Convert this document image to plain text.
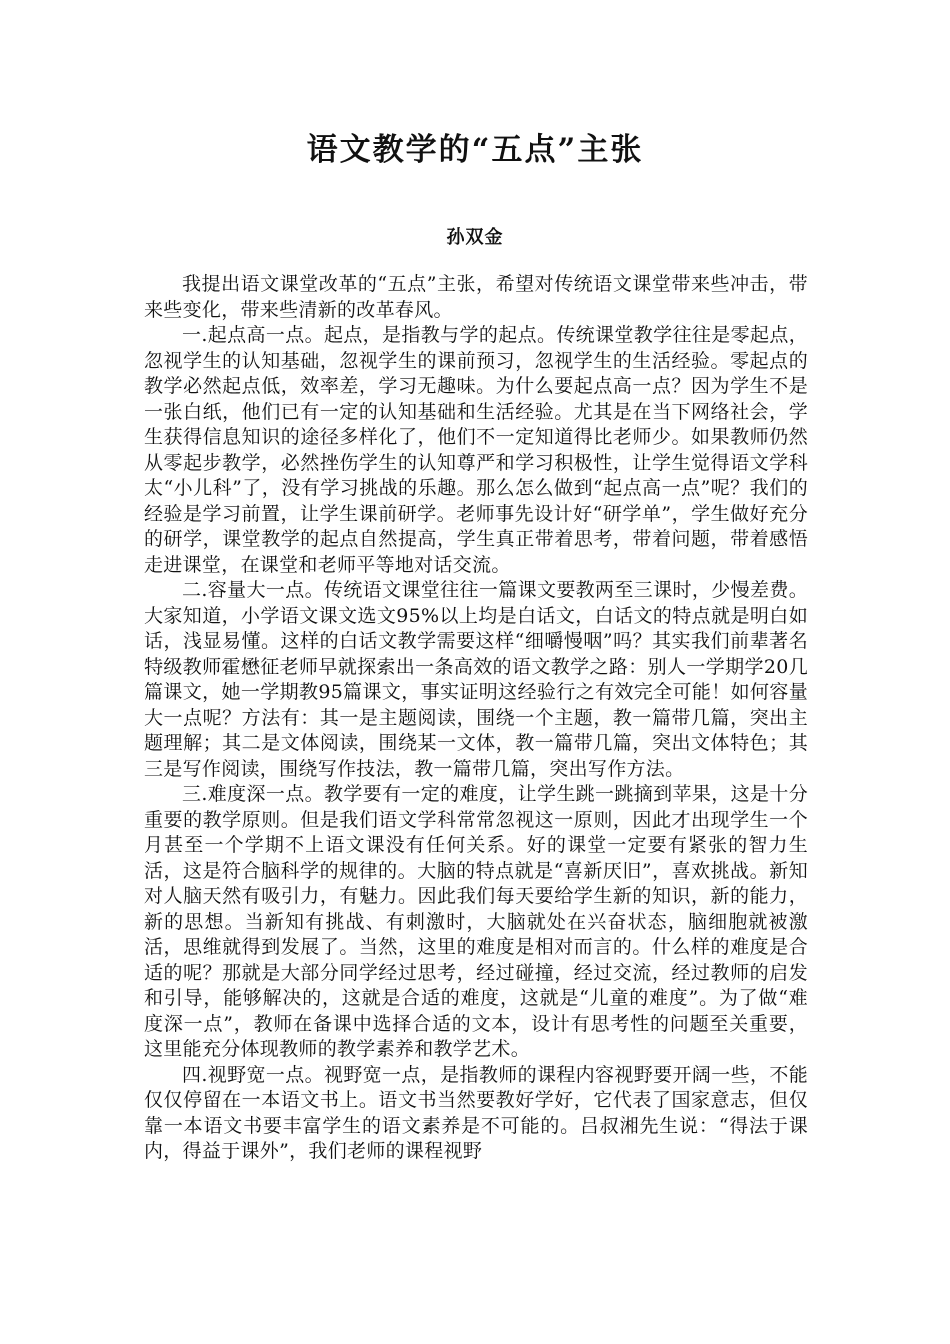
语文教学的“五点”主张
孙双金

我提出语文课堂改革的“五点”主张，希望对传统语文课堂带来些冲击，带来些变化，带来些清新的改革春风。

一.起点高一点。起点，是指教与学的起点。传统课堂教学往往是零起点，忽视学生的认知基础，忽视学生的课前预习，忽视学生的生活经验。零起点的教学必然起点低，效率差，学习无趣味。为什么要起点高一点？因为学生不是一张白纸，他们已有一定的认知基础和生活经验。尤其是在当下网络社会，学生获得信息知识的途径多样化了，他们不一定知道得比老师少。如果教师仍然从零起步教学，必然挫伤学生的认知尊严和学习积极性，让学生觉得语文学科太“小儿科”了，没有学习挑战的乐趣。那么怎么做到“起点高一点”呢？我们的经验是学习前置，让学生课前研学。老师事先设计好“研学单”，学生做好充分的研学，课堂教学的起点自然提高，学生真正带着思考，带着问题，带着感悟走进课堂，在课堂和老师平等地对话交流。

二.容量大一点。传统语文课堂往往一篇课文要教两至三课时，少慢差费。大家知道，小学语文课文选文95%以上均是白话文，白话文的特点就是明白如话，浅显易懂。这样的白话文教学需要这样“细嚼慢咽”吗？其实我们前辈著名特级教师霍懋征老师早就探索出一条高效的语文教学之路：别人一学期学20几篇课文，她一学期教95篇课文，事实证明这经验行之有效完全可能！如何容量大一点呢？方法有：其一是主题阅读，围绕一个主题，教一篇带几篇，突出主题理解；其二是文体阅读，围绕某一文体，教一篇带几篇，突出文体特色；其三是写作阅读，围绕写作技法，教一篇带几篇，突出写作方法。

三.难度深一点。教学要有一定的难度，让学生跳一跳摘到苹果，这是十分重要的教学原则。但是我们语文学科常常忽视这一原则，因此才出现学生一个月甚至一个学期不上语文课没有任何关系。好的课堂一定要有紧张的智力生活，这是符合脑科学的规律的。大脑的特点就是“喜新厌旧”，喜欢挑战。新知对人脑天然有吸引力，有魅力。因此我们每天要给学生新的知识，新的能力，新的思想。当新知有挑战、有刺激时，大脑就处在兴奋状态，脑细胞就被激活，思维就得到发展了。当然，这里的难度是相对而言的。什么样的难度是合适的呢？那就是大部分同学经过思考，经过碰撞，经过交流，经过教师的启发和引导，能够解决的，这就是合适的难度，这就是“儿童的难度”。为了做“难度深一点”，教师在备课中选择合适的文本，设计有思考性的问题至关重要，这里能充分体现教师的教学素养和教学艺术。

四.视野宽一点。视野宽一点，是指教师的课程内容视野要开阔一些，不能仅仅停留在一本语文书上。语文书当然要教好学好，它代表了国家意志，但仅靠一本语文书要丰富学生的语文素养是不可能的。吕叔湘先生说：“得法于课内，得益于课外”，我们老师的课程视野
